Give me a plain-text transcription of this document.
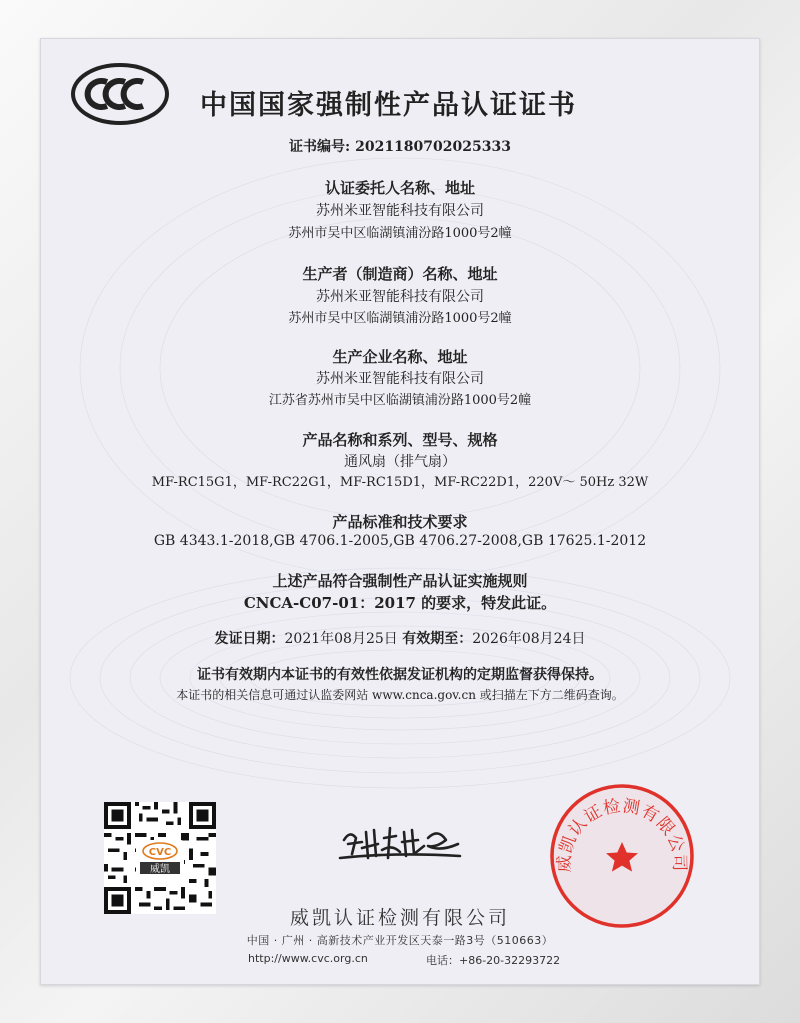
中国国家强制性产品认证证书
证书编号: 2021180702025333
认证委托人名称、地址
苏州米亚智能科技有限公司
苏州市吴中区临湖镇浦汾路1000号2幢
生产者（制造商）名称、地址
苏州米亚智能科技有限公司
苏州市吴中区临湖镇浦汾路1000号2幢
生产企业名称、地址
苏州米亚智能科技有限公司
江苏省苏州市吴中区临湖镇浦汾路1000号2幢
产品名称和系列、型号、规格
通风扇（排气扇）
MF-RC15G1，MF-RC22G1，MF-RC15D1，MF-RC22D1，220V～ 50Hz 32W
产品标准和技术要求
GB 4343.1-2018,GB 4706.1-2005,GB 4706.27-2008,GB 17625.1-2012
上述产品符合强制性产品认证实施规则
CNCA-C07-01：2017 的要求，特发此证。
发证日期：2021年08月25日 有效期至：2026年08月24日
证书有效期内本证书的有效性依据发证机构的定期监督获得保持。
本证书的相关信息可通过认监委网站 www.cnca.gov.cn 或扫描左下方二维码查询。
CVC
威凯	威凯认证检测有限公司
威凯认证检测有限公司
中国 · 广州 · 高新技术产业开发区天泰一路3号（510663）
http://www.cvc.org.cn	电话：+86-20-32293722
